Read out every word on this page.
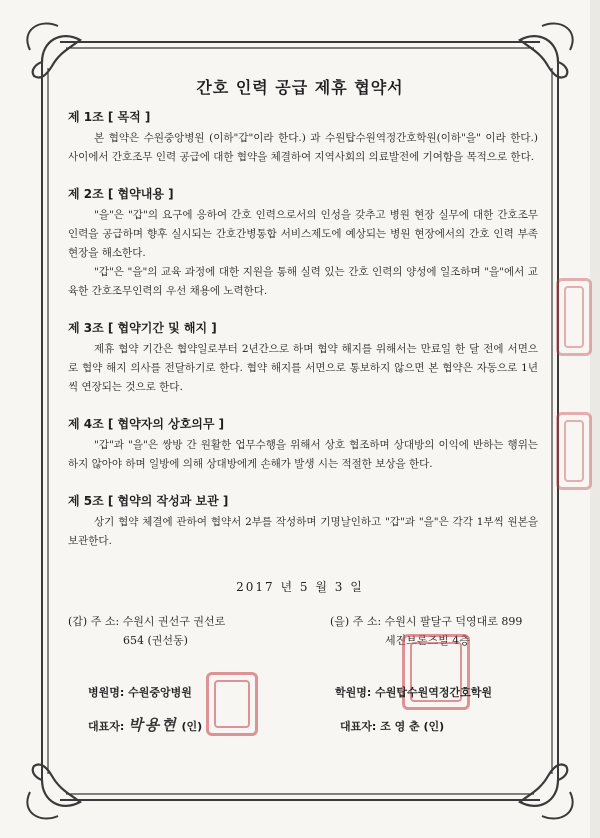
간호 인력 공급 제휴 협약서
제 1조 [ 목적 ]

본 협약은 수원중앙병원 (이하"갑"이라 한다.) 과 수원탑수원역정간호학원(이하"을" 이라 한다.) 사이에서 간호조무 인력 공급에 대한 협약을 체결하여 지역사회의 의료발전에 기여함을 목적으로 한다.

제 2조 [ 협약내용 ]

"을"은 "갑"의 요구에 응하여 간호 인력으로서의 인성을 갖추고 병원 현장 실무에 대한 간호조무 인력을 공급하며 향후 실시되는 간호간병통합 서비스제도에 예상되는 병원 현장에서의 간호 인력 부족 현장을 해소한다.

"갑"은 "을"의 교육 과정에 대한 지원을 통해 실력 있는 간호 인력의 양성에 일조하며 "을"에서 교육한 간호조무인력의 우선 채용에 노력한다.

제 3조 [ 협약기간 및 해지 ]

제휴 협약 기간은 협약일로부터 2년간으로 하며 협약 해지를 위해서는 만료일 한 달 전에 서면으로 협약 해지 의사를 전달하기로 한다. 협약 해지를 서면으로 통보하지 않으면 본 협약은 자동으로 1년씩 연장되는 것으로 한다.

제 4조 [ 협약자의 상호의무 ]

"갑"과 "을"은 쌍방 간 원활한 업무수행을 위해서 상호 협조하며 상대방의 이익에 반하는 행위는 하지 않아야 하며 일방에 의해 상대방에게 손해가 발생 시는 적절한 보상을 한다.

제 5조 [ 협약의 작성과 보관 ]

상기 협약 체결에 관하여 협약서 2부를 작성하며 기명날인하고 "갑"과 "을"은 각각 1부씩 원본을 보관한다.

2017 년 5 월 3 일
(갑) 주 소: 수원시 권선구 권선로
654 (권선동)
(을) 주 소: 수원시 팔달구 덕영대로 899
세진브론즈빌 4층
병원명: 수원중앙병원
대표자: 박용현 (인)
학원명: 수원탑수원역정간호학원
대표자: 조 영 춘 (인)
